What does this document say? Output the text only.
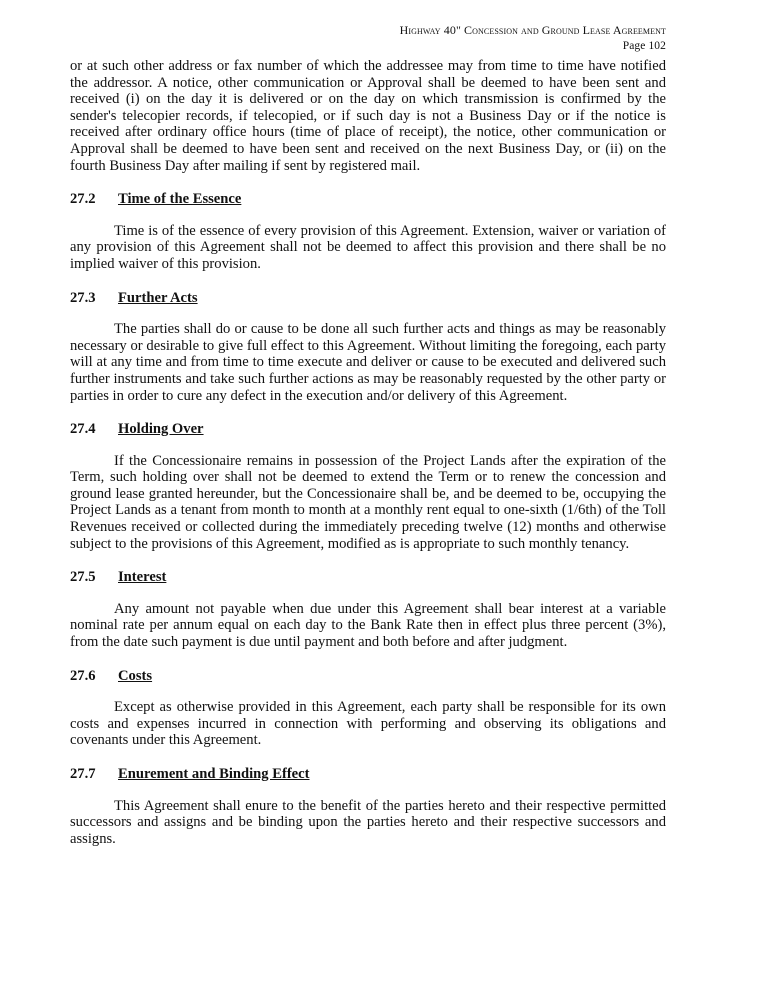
Highway 40" Concession and Ground Lease Agreement
Page 102

or at such other address or fax number of which the addressee may from time to time have notified the addressor. A notice, other communication or Approval shall be deemed to have been sent and received (i) on the day it is delivered or on the day on which transmission is confirmed by the sender's telecopier records, if telecopied, or if such day is not a Business Day or if the notice is received after ordinary office hours (time of place of receipt), the notice, other communication or Approval shall be deemed to have been sent and received on the next Business Day, or (ii) on the fourth Business Day after mailing if sent by registered mail.

27.2	Time of the Essence

Time is of the essence of every provision of this Agreement. Extension, waiver or variation of any provision of this Agreement shall not be deemed to affect this provision and there shall be no implied waiver of this provision.

27.3	Further Acts

The parties shall do or cause to be done all such further acts and things as may be reasonably necessary or desirable to give full effect to this Agreement. Without limiting the foregoing, each party will at any time and from time to time execute and deliver or cause to be executed and delivered such further instruments and take such further actions as may be reasonably requested by the other party or parties in order to cure any defect in the execution and/or delivery of this Agreement.

27.4	Holding Over

If the Concessionaire remains in possession of the Project Lands after the expiration of the Term, such holding over shall not be deemed to extend the Term or to renew the concession and ground lease granted hereunder, but the Concessionaire shall be, and be deemed to be, occupying the Project Lands as a tenant from month to month at a monthly rent equal to one-sixth (1/6th) of the Toll Revenues received or collected during the immediately preceding twelve (12) months and otherwise subject to the provisions of this Agreement, modified as is appropriate to such monthly tenancy.

27.5	Interest

Any amount not payable when due under this Agreement shall bear interest at a variable nominal rate per annum equal on each day to the Bank Rate then in effect plus three percent (3%), from the date such payment is due until payment and both before and after judgment.

27.6	Costs

Except as otherwise provided in this Agreement, each party shall be responsible for its own costs and expenses incurred in connection with performing and observing its obligations and covenants under this Agreement.

27.7	Enurement and Binding Effect

This Agreement shall enure to the benefit of the parties hereto and their respective permitted successors and assigns and be binding upon the parties hereto and their respective successors and assigns.
